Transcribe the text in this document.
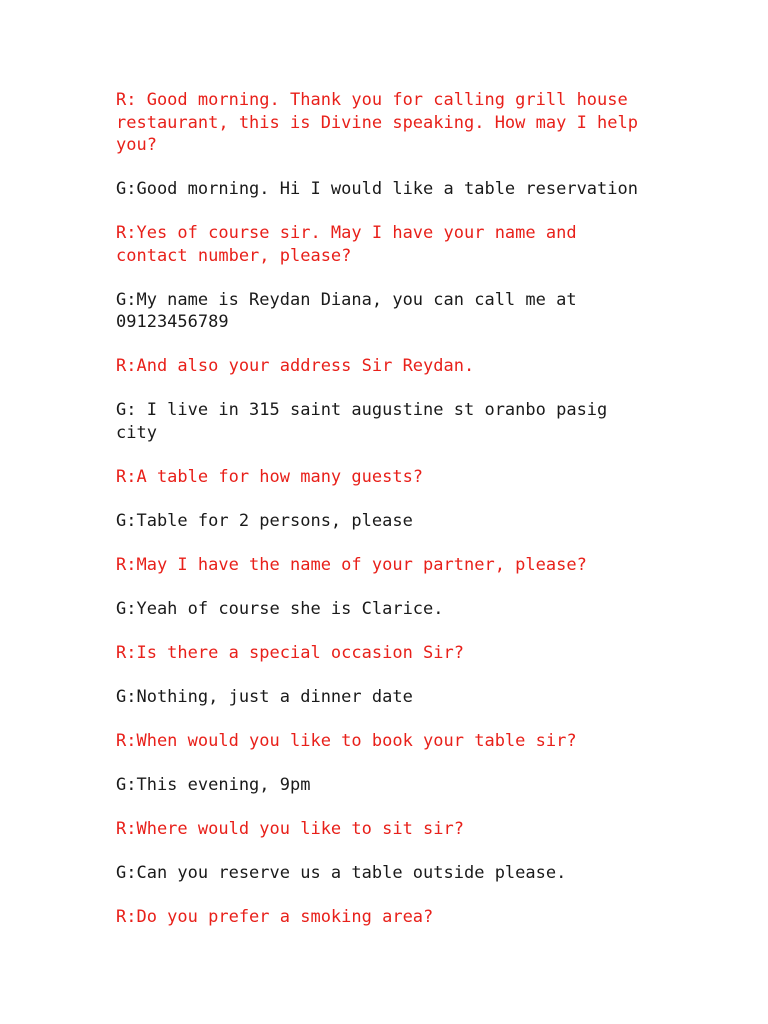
R: Good morning. Thank you for calling grill house
restaurant, this is Divine speaking. How may I help
you?

G:Good morning. Hi I would like a table reservation

R:Yes of course sir. May I have your name and
contact number, please?

G:My name is Reydan Diana, you can call me at
09123456789

R:And also your address Sir Reydan.

G: I live in 315 saint augustine st oranbo pasig
city

R:A table for how many guests?

G:Table for 2 persons, please

R:May I have the name of your partner, please?

G:Yeah of course she is Clarice.

R:Is there a special occasion Sir?

G:Nothing, just a dinner date

R:When would you like to book your table sir?

G:This evening, 9pm

R:Where would you like to sit sir?

G:Can you reserve us a table outside please.

R:Do you prefer a smoking area?
